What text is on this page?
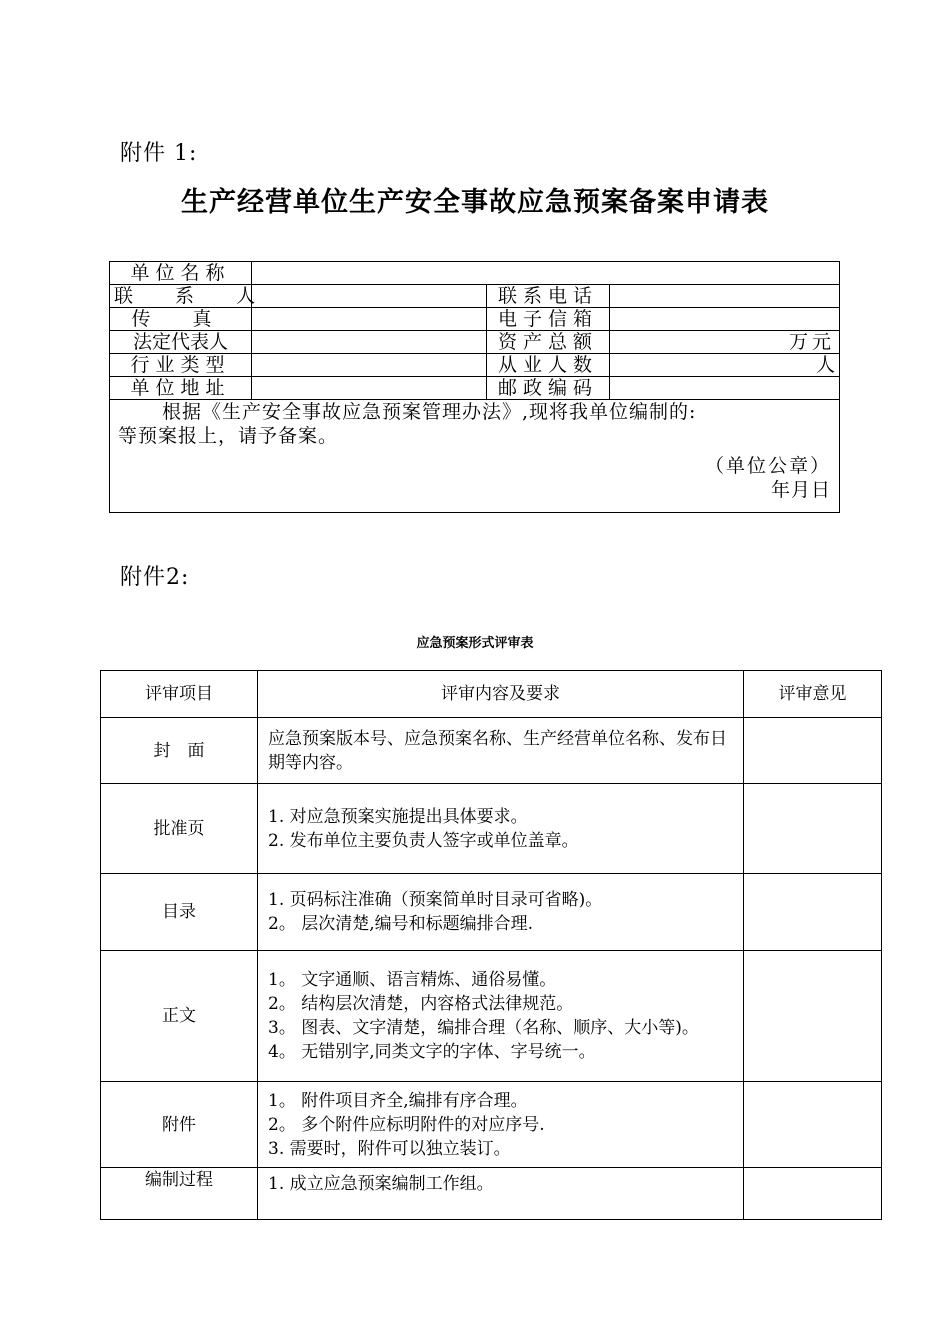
附件 1:
生产经营单位生产安全事故应急预案备案申请表
单位名称			
联 系 人		联系电话	
传 真		电子信箱	
法定代表人		资产总额	万元
行业类型		从业人数	人
单位地址		邮政编码	

根据《生产安全事故应急预案管理办法》,现将我单位编制的:
等预案报上，请予备案。
（单位公章）
年月日			
附件2:
应急预案形式评审表
评审项目	评审内容及要求	评审意见
封　面	应急预案版本号、应急预案名称、生产经营单位名称、发布日期等内容。	

批准页	1. 对应急预案实施提出具体要求。
2. 发布单位主要负责人签字或单位盖章。	

目录	1. 页码标注准确（预案简单时目录可省略)。
2。 层次清楚,编号和标题编排合理.	

正文	1。 文字通顺、语言精炼、通俗易懂。
2。 结构层次清楚，内容格式法律规范。
3。 图表、文字清楚，编排合理（名称、顺序、大小等)。
4。 无错别字,同类文字的字体、字号统一。	

附件	1。 附件项目齐全,编排有序合理。
2。 多个附件应标明附件的对应序号.
3. 需要时，附件可以独立装订。	

编制过程	1. 成立应急预案编制工作组。	
